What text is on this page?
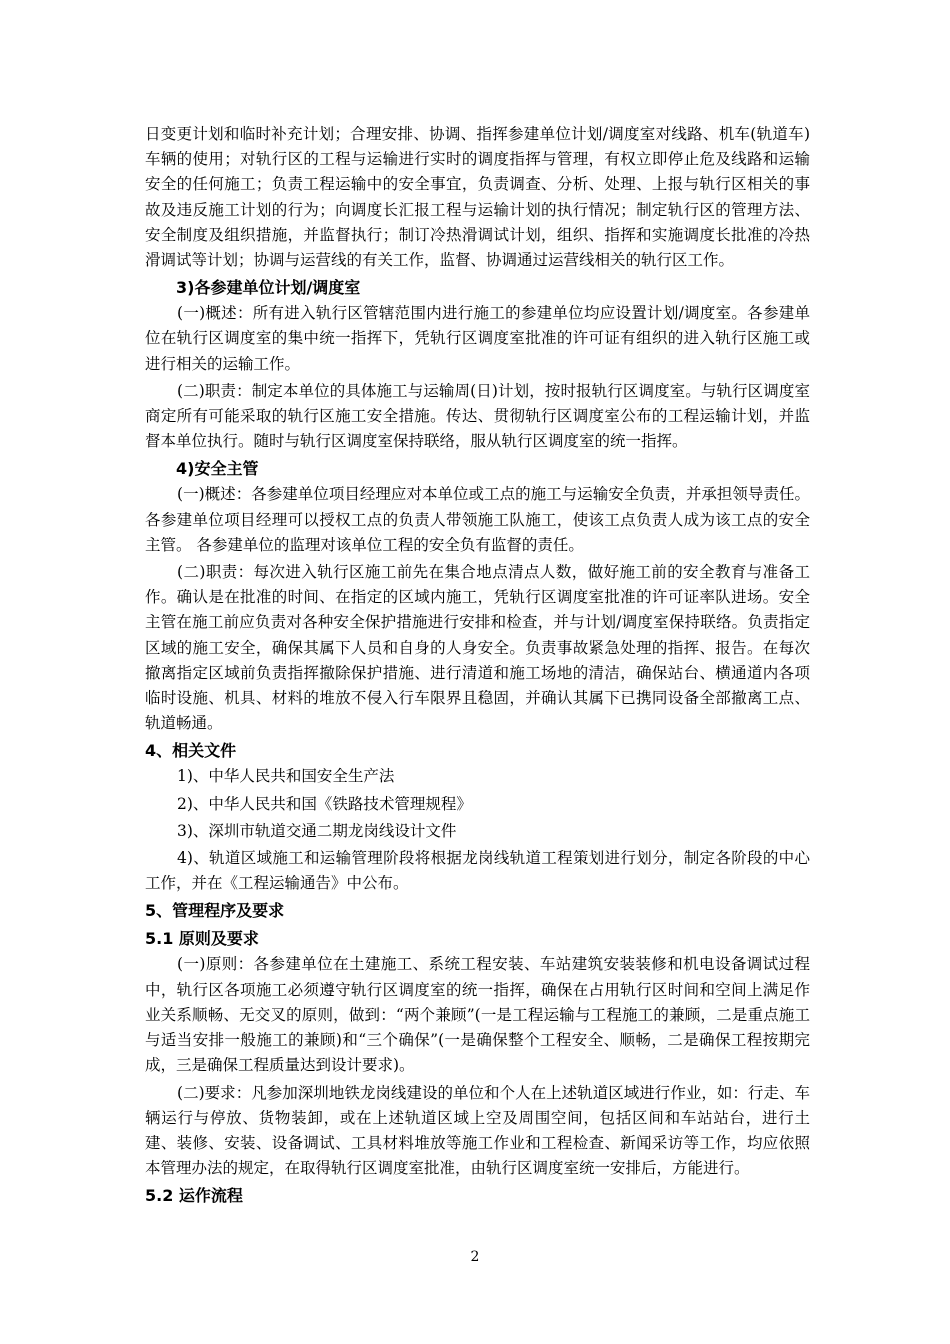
日变更计划和临时补充计划；合理安排、协调、指挥参建单位计划/调度室对线路、机车(轨道车)车辆的使用；对轨行区的工程与运输进行实时的调度指挥与管理，有权立即停止危及线路和运输安全的任何施工；负责工程运输中的安全事宜，负责调查、分析、处理、上报与轨行区相关的事故及违反施工计划的行为；向调度长汇报工程与运输计划的执行情况；制定轨行区的管理方法、安全制度及组织措施，并监督执行；制订冷热滑调试计划，组织、指挥和实施调度长批准的冷热滑调试等计划；协调与运营线的有关工作，监督、协调通过运营线相关的轨行区工作。

3)各参建单位计划/调度室

(一)概述：所有进入轨行区管辖范围内进行施工的参建单位均应设置计划/调度室。各参建单位在轨行区调度室的集中统一指挥下，凭轨行区调度室批准的许可证有组织的进入轨行区施工或进行相关的运输工作。

(二)职责：制定本单位的具体施工与运输周(日)计划，按时报轨行区调度室。与轨行区调度室商定所有可能采取的轨行区施工安全措施。传达、贯彻轨行区调度室公布的工程运输计划，并监督本单位执行。随时与轨行区调度室保持联络，服从轨行区调度室的统一指挥。

4)安全主管

(一)概述：各参建单位项目经理应对本单位或工点的施工与运输安全负责，并承担领导责任。各参建单位项目经理可以授权工点的负责人带领施工队施工，使该工点负责人成为该工点的安全主管。 各参建单位的监理对该单位工程的安全负有监督的责任。

(二)职责：每次进入轨行区施工前先在集合地点清点人数，做好施工前的安全教育与准备工作。确认是在批准的时间、在指定的区域内施工，凭轨行区调度室批准的许可证率队进场。安全主管在施工前应负责对各种安全保护措施进行安排和检查，并与计划/调度室保持联络。负责指定区域的施工安全，确保其属下人员和自身的人身安全。负责事故紧急处理的指挥、报告。在每次撤离指定区域前负责指挥撤除保护措施、进行清道和施工场地的清洁，确保站台、横通道内各项临时设施、机具、材料的堆放不侵入行车限界且稳固，并确认其属下已携同设备全部撤离工点、轨道畅通。

4、相关文件

1)、中华人民共和国安全生产法

2)、中华人民共和国《铁路技术管理规程》

3)、深圳市轨道交通二期龙岗线设计文件

4)、轨道区域施工和运输管理阶段将根据龙岗线轨道工程策划进行划分，制定各阶段的中心工作，并在《工程运输通告》中公布。

5、管理程序及要求

5.1 原则及要求

(一)原则：各参建单位在土建施工、系统工程安装、车站建筑安装装修和机电设备调试过程中，轨行区各项施工必须遵守轨行区调度室的统一指挥，确保在占用轨行区时间和空间上满足作业关系顺畅、无交叉的原则，做到：“两个兼顾”(一是工程运输与工程施工的兼顾，二是重点施工与适当安排一般施工的兼顾)和“三个确保”(一是确保整个工程安全、顺畅，二是确保工程按期完成，三是确保工程质量达到设计要求)。

(二)要求：凡参加深圳地铁龙岗线建设的单位和个人在上述轨道区域进行作业，如：行走、车辆运行与停放、货物装卸，或在上述轨道区域上空及周围空间，包括区间和车站站台，进行土建、装修、安装、设备调试、工具材料堆放等施工作业和工程检查、新闻采访等工作，均应依照本管理办法的规定，在取得轨行区调度室批准，由轨行区调度室统一安排后，方能进行。

5.2 运作流程

2
